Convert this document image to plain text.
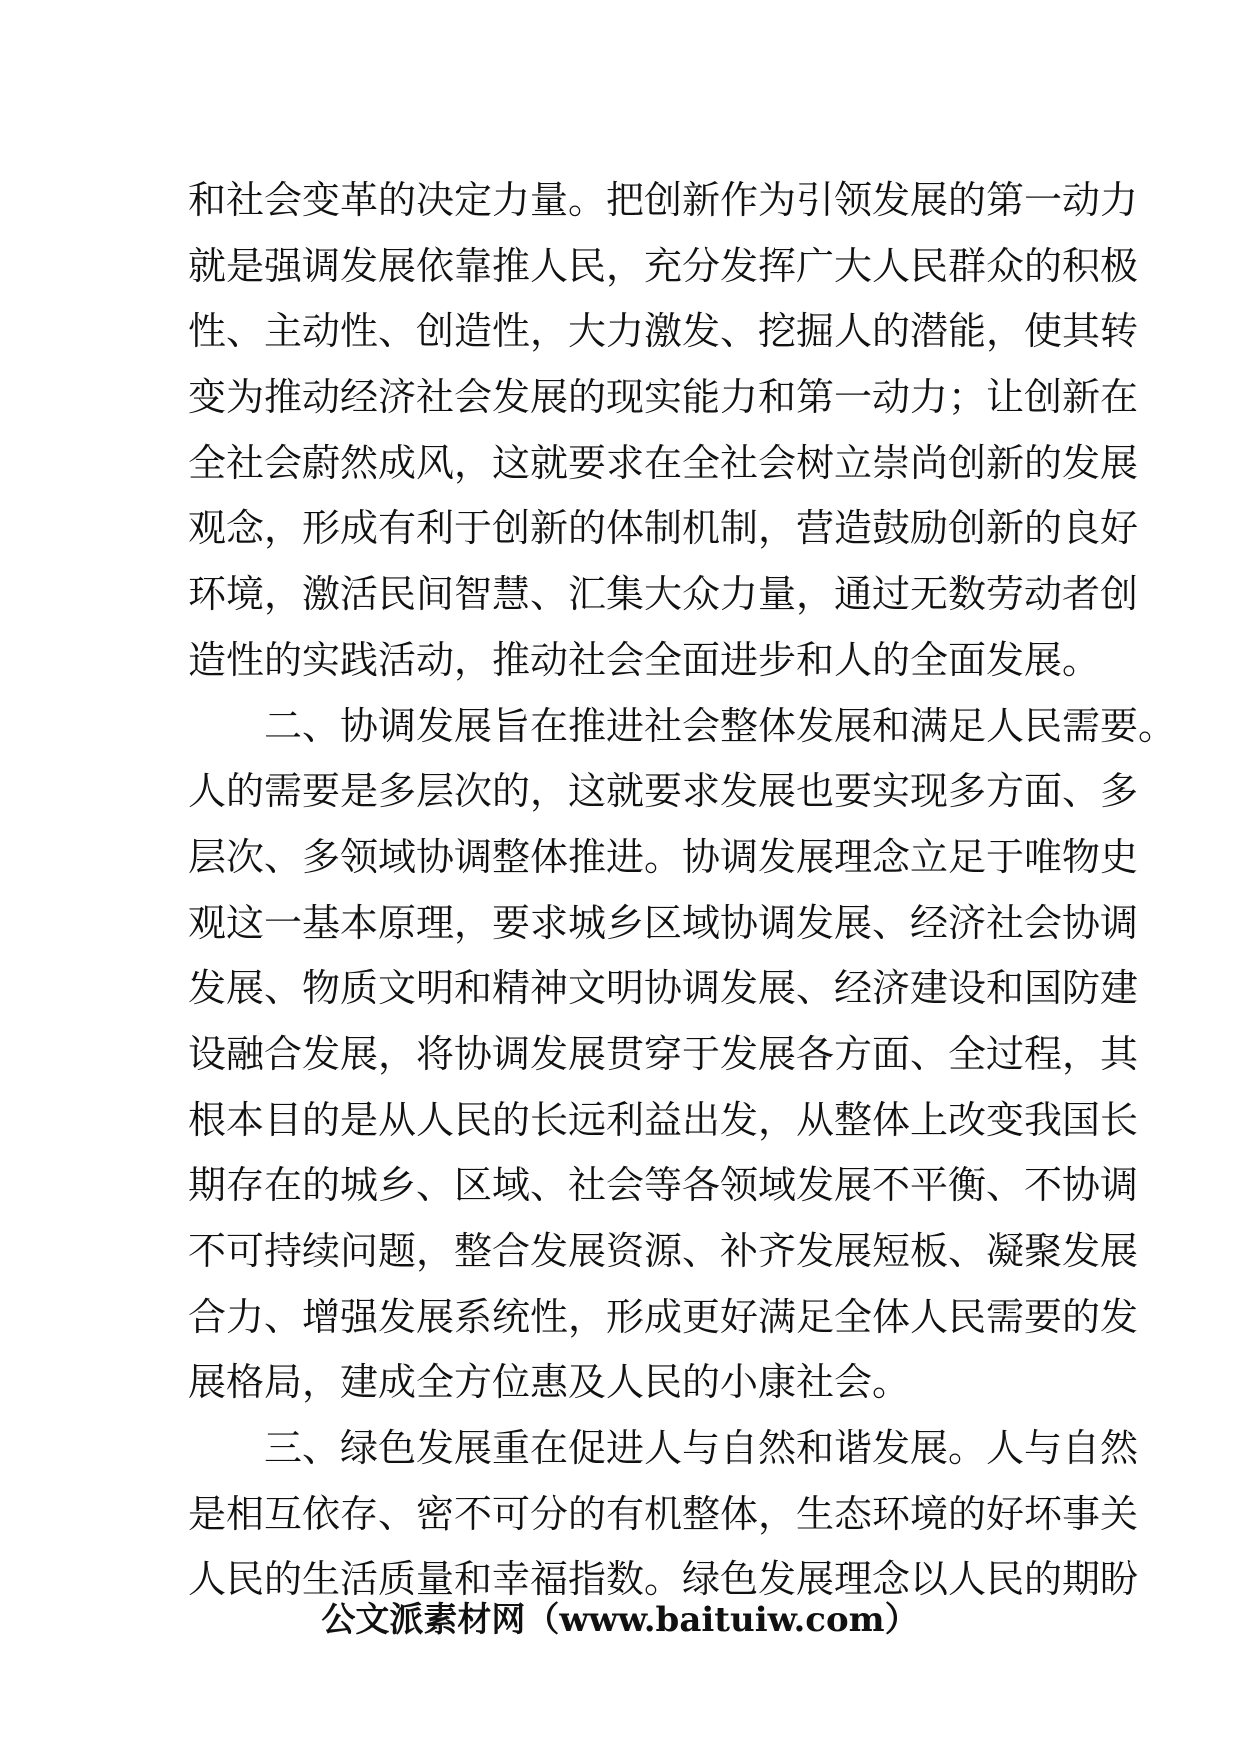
和社会变革的决定力量。把创新作为引领发展的第一动力
就是强调发展依靠推人民，充分发挥广大人民群众的积极
性、主动性、创造性，大力激发、挖掘人的潜能，使其转
变为推动经济社会发展的现实能力和第一动力；让创新在
全社会蔚然成风，这就要求在全社会树立崇尚创新的发展
观念，形成有利于创新的体制机制，营造鼓励创新的良好
环境，激活民间智慧、汇集大众力量，通过无数劳动者创
造性的实践活动，推动社会全面进步和人的全面发展。
　　二、协调发展旨在推进社会整体发展和满足人民需要。
人的需要是多层次的，这就要求发展也要实现多方面、多
层次、多领域协调整体推进。协调发展理念立足于唯物史
观这一基本原理，要求城乡区域协调发展、经济社会协调
发展、物质文明和精神文明协调发展、经济建设和国防建
设融合发展，将协调发展贯穿于发展各方面、全过程，其
根本目的是从人民的长远利益出发，从整体上改变我国长
期存在的城乡、区域、社会等各领域发展不平衡、不协调
不可持续问题，整合发展资源、补齐发展短板、凝聚发展
合力、增强发展系统性，形成更好满足全体人民需要的发
展格局，建成全方位惠及人民的小康社会。
　　三、绿色发展重在促进人与自然和谐发展。人与自然
是相互依存、密不可分的有机整体，生态环境的好坏事关
人民的生活质量和幸福指数。绿色发展理念以人民的期盼
公文派素材网（www.baituiw.com）
